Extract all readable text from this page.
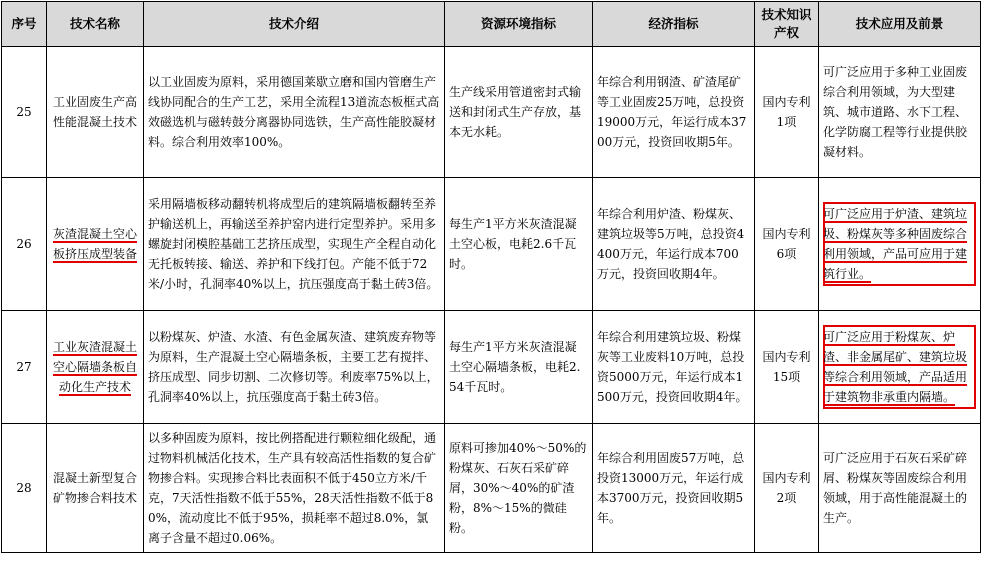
序号	技术名称	技术介绍	资源环境指标	经济指标	技术知识产权	技术应用及前景
25	工业固废生产高性能混凝土技术	以工业固废为原料，采用德国莱歇立磨和国内管磨生产线协同配合的生产工艺，采用全流程13道流态板框式高效磁选机与磁转鼓分离器协同选铁，生产高性能胶凝材料。综合利用效率100%。	生产线采用管道密封式输送和封闭式生产存放，基本无水耗。	年综合利用钢渣、矿渣尾矿等工业固废25万吨，总投资19000万元，年运行成本3700万元，投资回收期5年。	国内专利1项	可广泛应用于多种工业固废综合利用领域，为大型建筑、城市道路、水下工程、化学防腐工程等行业提供胶凝材料。
26	灰渣混凝土空心板挤压成型装备	采用隔墙板移动翻转机将成型后的建筑隔墙板翻转至养护输送机上，再输送至养护窑内进行定型养护。采用多螺旋封闭模腔基础工艺挤压成型，实现生产全程自动化无托板转接、输送、养护和下线打包。产能不低于72米/小时，孔洞率40%以上，抗压强度高于黏土砖3倍。	每生产1平方米灰渣混凝土空心板，电耗2.6千瓦时。	年综合利用炉渣、粉煤灰、建筑垃圾等5万吨，总投资4400万元，年运行成本700万元，投资回收期4年。	国内专利6项	可广泛应用于炉渣、建筑垃圾、粉煤灰等多种固废综合利用领域，产品可应用于建筑行业。

27	工业灰渣混凝土空心隔墙条板自动化生产技术	以粉煤灰、炉渣、水渣、有色金属灰渣、建筑废弃物等为原料，生产混凝土空心隔墙条板，主要工艺有搅拌、挤压成型、同步切割、二次修切等。利废率75%以上，孔洞率40%以上，抗压强度高于黏土砖3倍。	每生产1平方米灰渣混凝土空心隔墙条板，电耗2.54千瓦时。	年综合利用建筑垃圾、粉煤灰等工业废料10万吨，总投资5000万元，年运行成本1500万元，投资回收期4年。	国内专利15项	可广泛应用于粉煤灰、炉渣、非金属尾矿、建筑垃圾等综合利用领域，产品适用于建筑物非承重内隔墙。

28	混凝土新型复合矿物掺合料技术	以多种固废为原料，按比例搭配进行颗粒细化级配，通过物料机械活化技术，生产具有较高活性指数的复合矿物掺合料。实现掺合料比表面积不低于450立方米/千克，7天活性指数不低于55%，28天活性指数不低于80%，流动度比不低于95%，损耗率不超过8.0%，氯离子含量不超过0.06%。	原料可掺加40%～50%的粉煤灰、石灰石采矿碎屑，30%～40%的矿渣粉，8%～15%的微硅粉。	年综合利用固废57万吨，总投资13000万元，年运行成本3700万元，投资回收期5年。	国内专利2项	可广泛应用于石灰石采矿碎屑、粉煤灰等固废综合利用领域，用于高性能混凝土的生产。
